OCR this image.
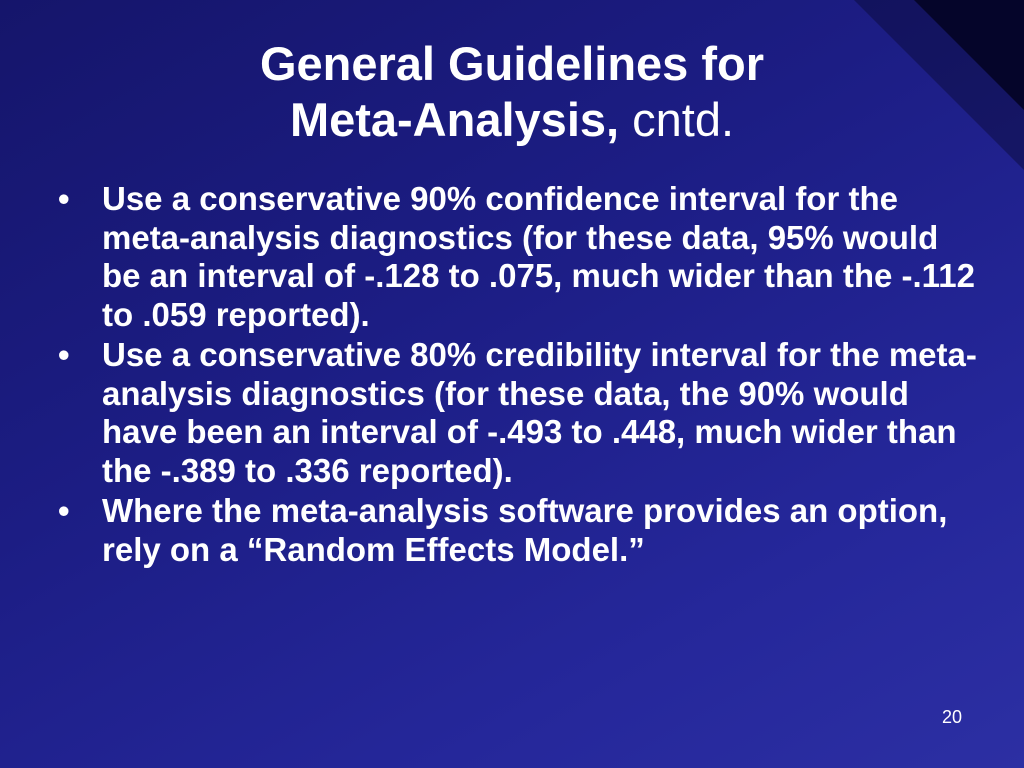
General Guidelines for
Meta-Analysis, cntd.
• Use a conservative 90% confidence interval for the meta-analysis diagnostics (for these data, 95% would be an interval of -.128 to .075, much wider than the -.112 to .059 reported).
• Use a conservative 80% credibility interval for the meta-analysis diagnostics (for these data, the 90% would have been an interval of -.493 to .448, much wider than the -.389 to .336 reported).
• Where the meta-analysis software provides an option, rely on a “Random Effects Model.”
20
